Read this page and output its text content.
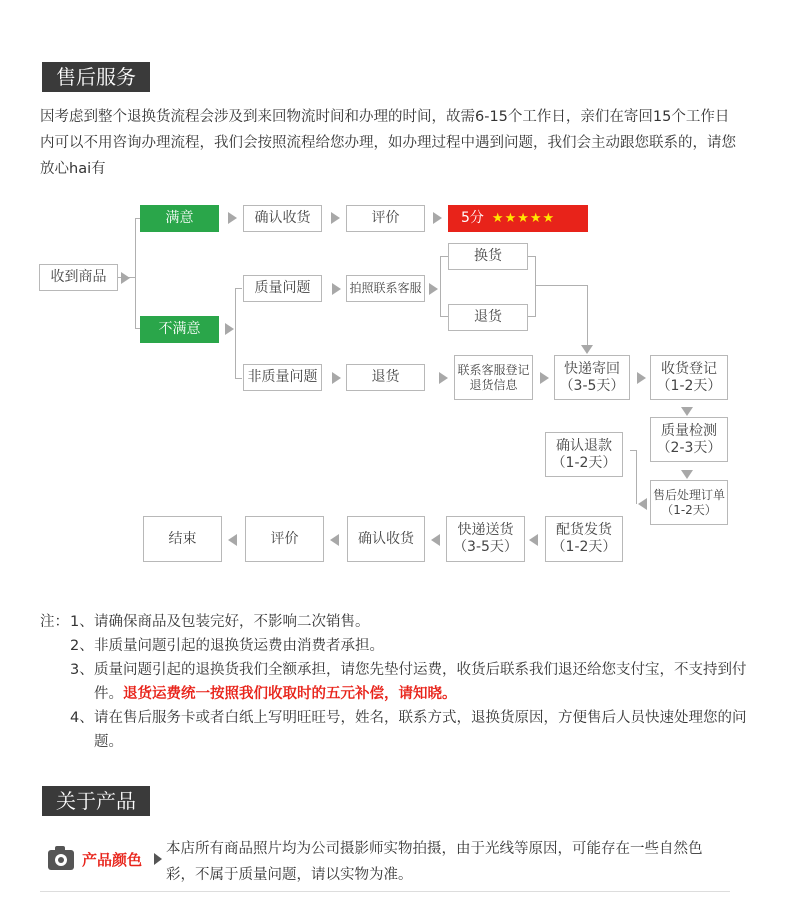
售后服务
因考虑到整个退换货流程会涉及到来回物流时间和办理的时间，故需6-15个工作日，亲们在寄回15个工作日内可以不用咨询办理流程，我们会按照流程给您办理，如办理过程中遇到问题，我们会主动跟您联系的，请您放心hai有
收到商品
满意	确认收货	评价	5分 ★★★★★
不满意
质量问题	拍照联系客服
换货
退货
非质量问题	退货	联系客服登记
退货信息
快递寄回
（3-5天）
收货登记
（1-2天）
质量检测
（2-3天）
售后处理订单
（1-2天）
确认退款
（1-2天）
配货发货
（1-2天）
快递送货
（3-5天）
确认收货
评价
结束
注： 1、 请确保商品及包装完好，不影响二次销售。
2、 非质量问题引起的退换货运费由消费者承担。
3、 质量问题引起的退换货我们全额承担，请您先垫付运费，收货后联系我们退还给您支付宝，不支持到付件。退货运费统一按照我们收取时的五元补偿，请知晓。
4、 请在售后服务卡或者白纸上写明旺旺号，姓名，联系方式，退换货原因，方便售后人员快速处理您的问题。
关于产品
产品颜色
本店所有商品照片均为公司摄影师实物拍摄，由于光线等原因，可能存在一些自然色彩，不属于质量问题，请以实物为准。
